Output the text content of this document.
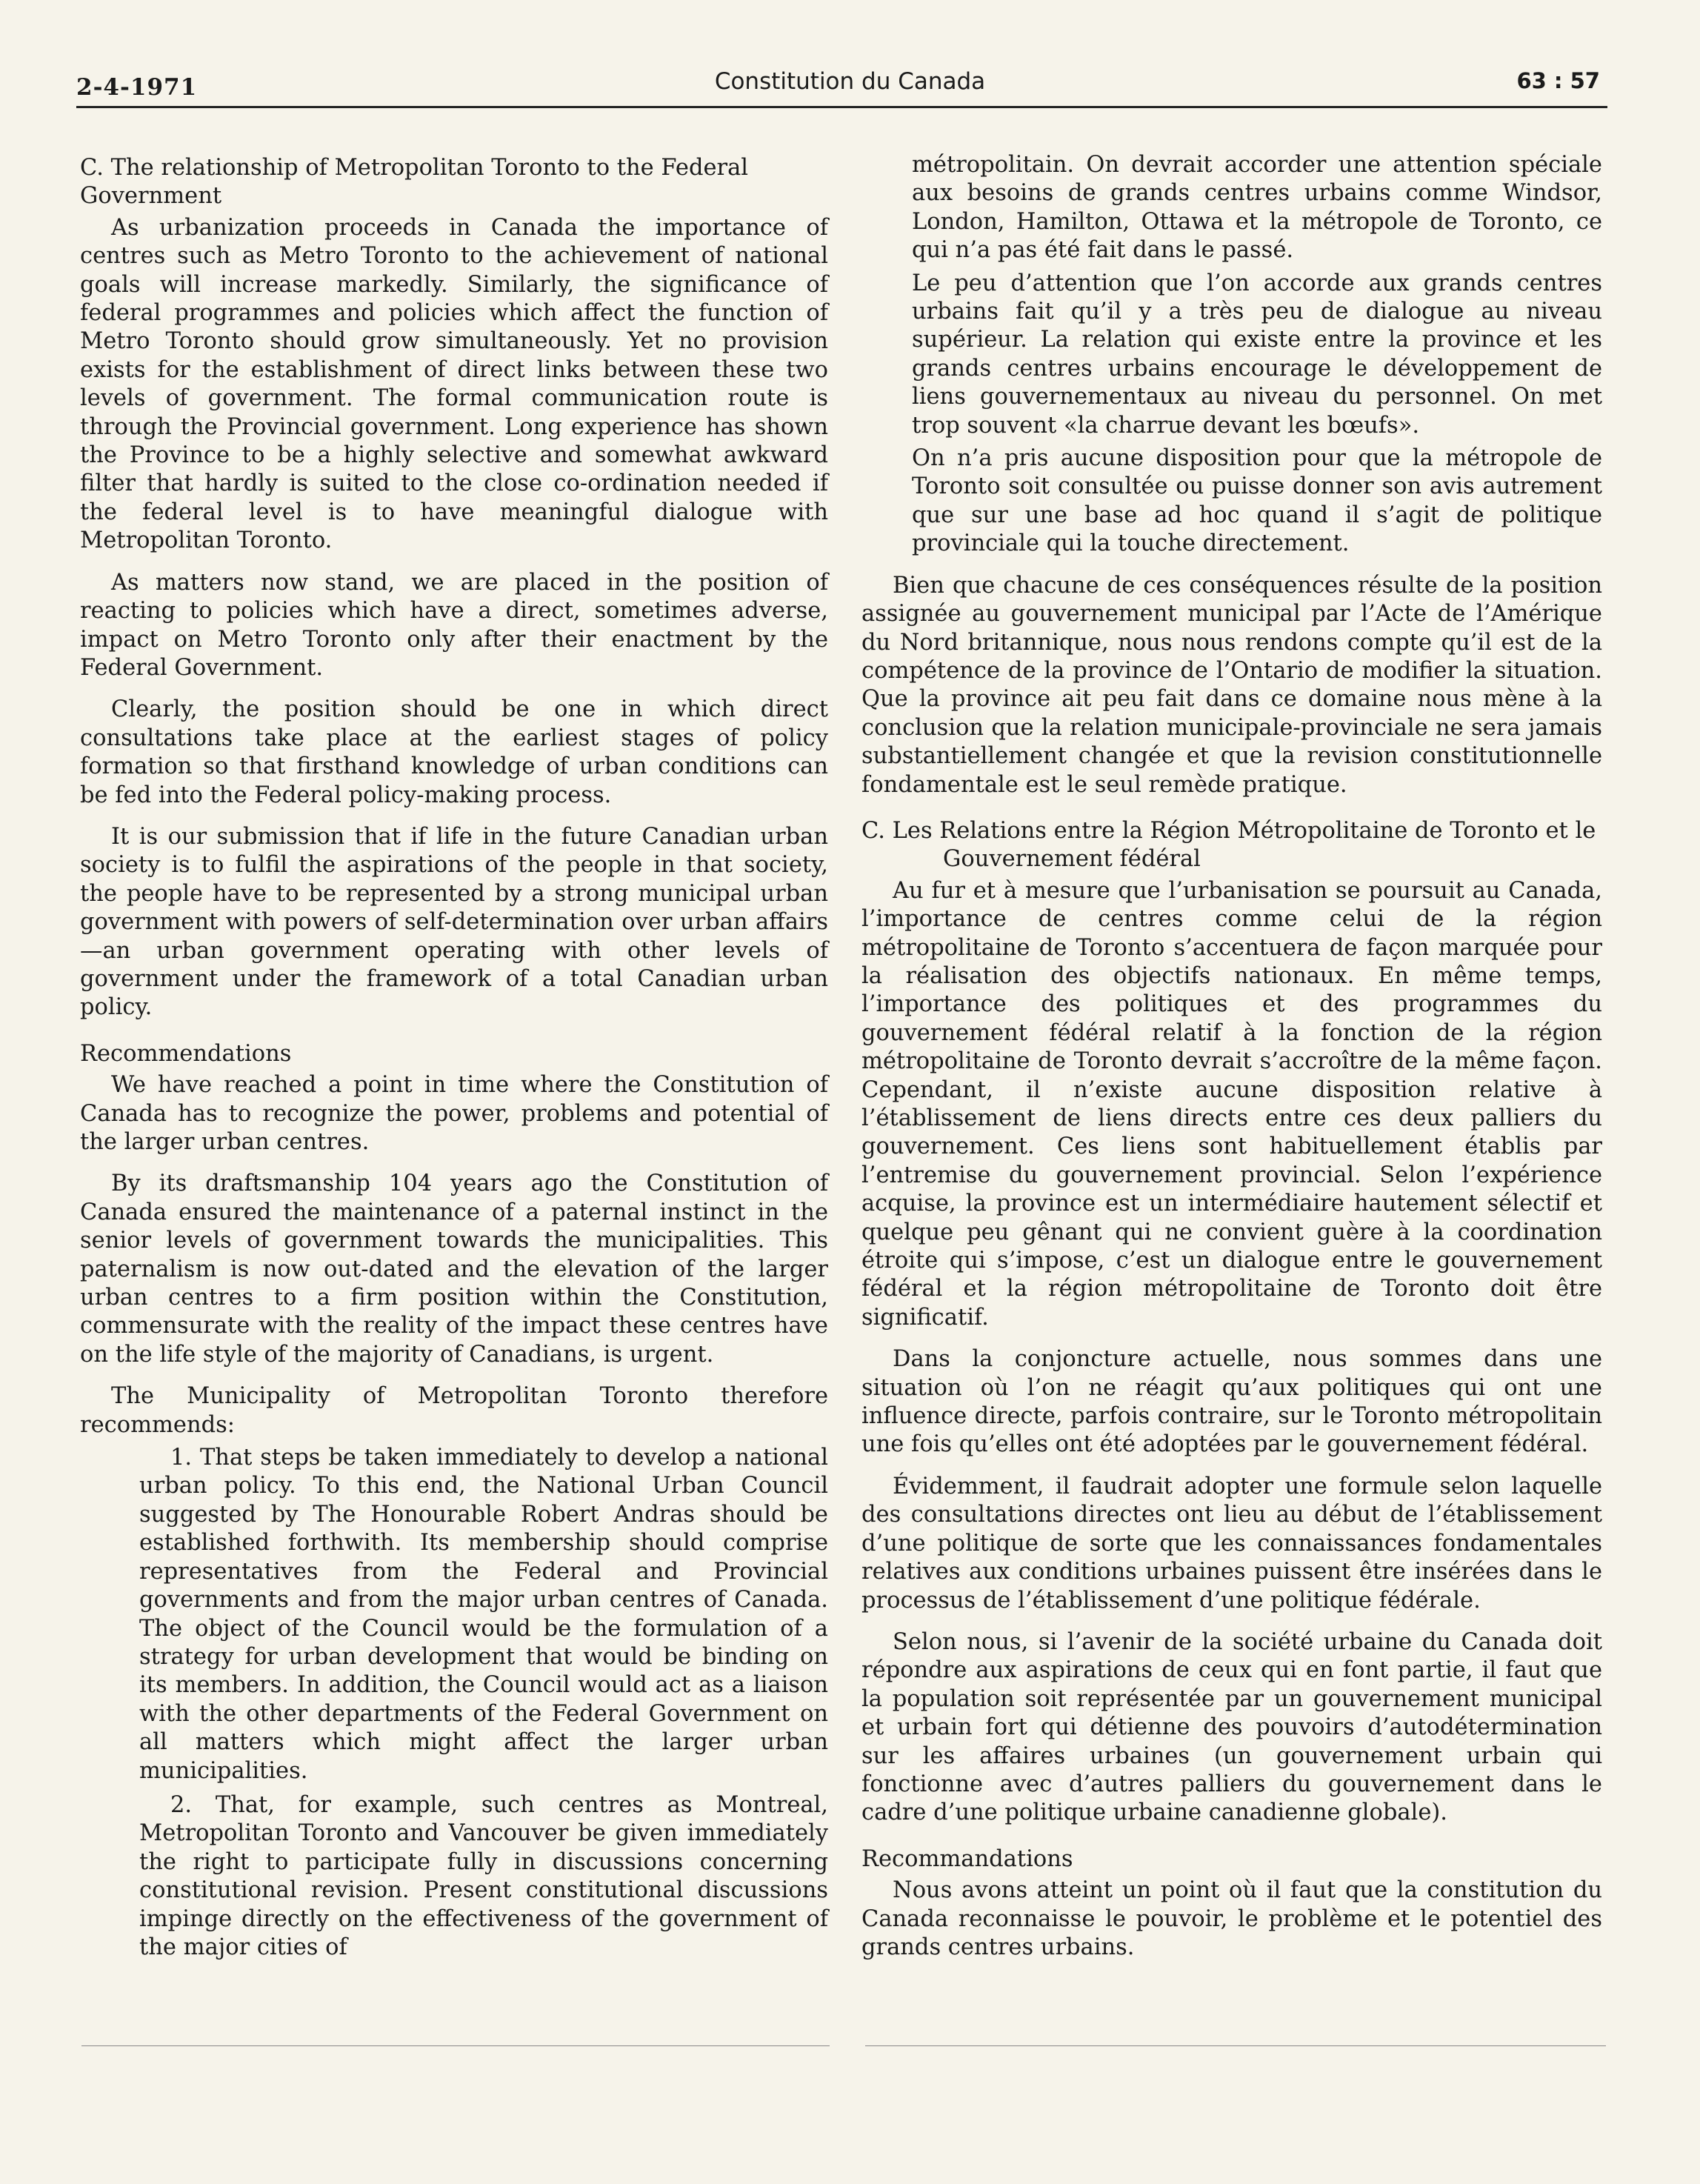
2-4-1971	Constitution du Canada	63 : 57

C. The relationship of Metropolitan Toronto to the Federal Government

As urbanization proceeds in Canada the importance of centres such as Metro Toronto to the achievement of national goals will increase markedly. Similarly, the significance of federal programmes and policies which affect the function of Metro Toronto should grow simultaneously. Yet no provision exists for the establishment of direct links between these two levels of government. The formal communication route is through the Provincial government. Long experience has shown the Province to be a highly selective and somewhat awkward filter that hardly is suited to the close co-ordination needed if the federal level is to have meaningful dialogue with Metropolitan Toronto.

As matters now stand, we are placed in the position of reacting to policies which have a direct, sometimes adverse, impact on Metro Toronto only after their enactment by the Federal Government.

Clearly, the position should be one in which direct consultations take place at the earliest stages of policy formation so that firsthand knowledge of urban conditions can be fed into the Federal policy-making process.

It is our submission that if life in the future Canadian urban society is to fulfil the aspirations of the people in that society, the people have to be represented by a strong municipal urban government with powers of self-determination over urban affairs—an urban government operating with other levels of government under the framework of a total Canadian urban policy.

Recommendations

We have reached a point in time where the Constitution of Canada has to recognize the power, problems and potential of the larger urban centres.

By its draftsmanship 104 years ago the Constitution of Canada ensured the maintenance of a paternal instinct in the senior levels of government towards the municipalities. This paternalism is now out-dated and the elevation of the larger urban centres to a firm position within the Constitution, commensurate with the reality of the impact these centres have on the life style of the majority of Canadians, is urgent.

The Municipality of Metropolitan Toronto therefore recommends:

1. That steps be taken immediately to develop a national urban policy. To this end, the National Urban Council suggested by The Honourable Robert Andras should be established forthwith. Its membership should comprise representatives from the Federal and Provincial governments and from the major urban centres of Canada. The object of the Council would be the formulation of a strategy for urban development that would be binding on its members. In addition, the Council would act as a liaison with the other departments of the Federal Government on all matters which might affect the larger urban municipalities.

2. That, for example, such centres as Montreal, Metropolitan Toronto and Vancouver be given immediately the right to participate fully in discussions concerning constitutional revision. Present constitutional discussions impinge directly on the effectiveness of the government of the major cities of

métropolitain. On devrait accorder une attention spéciale aux besoins de grands centres urbains comme Windsor, London, Hamilton, Ottawa et la métropole de Toronto, ce qui n’a pas été fait dans le passé.

Le peu d’attention que l’on accorde aux grands centres urbains fait qu’il y a très peu de dialogue au niveau supérieur. La relation qui existe entre la province et les grands centres urbains encourage le développement de liens gouvernementaux au niveau du personnel. On met trop souvent «la charrue devant les bœufs».

On n’a pris aucune disposition pour que la métropole de Toronto soit consultée ou puisse donner son avis autrement que sur une base ad hoc quand il s’agit de politique provinciale qui la touche directement.

Bien que chacune de ces conséquences résulte de la position assignée au gouvernement municipal par l’Acte de l’Amérique du Nord britannique, nous nous rendons compte qu’il est de la compétence de la province de l’Ontario de modifier la situation. Que la province ait peu fait dans ce domaine nous mène à la conclusion que la relation municipale-provinciale ne sera jamais substantiellement changée et que la revision constitutionnelle fondamentale est le seul remède pratique.

C. Les Relations entre la Région Métropolitaine de Toronto et le Gouvernement fédéral

Au fur et à mesure que l’urbanisation se poursuit au Canada, l’importance de centres comme celui de la région métropolitaine de Toronto s’accentuera de façon marquée pour la réalisation des objectifs nationaux. En même temps, l’importance des politiques et des programmes du gouvernement fédéral relatif à la fonction de la région métropolitaine de Toronto devrait s’accroître de la même façon. Cependant, il n’existe aucune disposition relative à l’établissement de liens directs entre ces deux palliers du gouvernement. Ces liens sont habituellement établis par l’entremise du gouvernement provincial. Selon l’expérience acquise, la province est un intermédiaire hautement sélectif et quelque peu gênant qui ne convient guère à la coordination étroite qui s’impose, c’est un dialogue entre le gouvernement fédéral et la région métropolitaine de Toronto doit être significatif.

Dans la conjoncture actuelle, nous sommes dans une situation où l’on ne réagit qu’aux politiques qui ont une influence directe, parfois contraire, sur le Toronto métropolitain une fois qu’elles ont été adoptées par le gouvernement fédéral.

Évidemment, il faudrait adopter une formule selon laquelle des consultations directes ont lieu au début de l’établissement d’une politique de sorte que les connaissances fondamentales relatives aux conditions urbaines puissent être insérées dans le processus de l’établissement d’une politique fédérale.

Selon nous, si l’avenir de la société urbaine du Canada doit répondre aux aspirations de ceux qui en font partie, il faut que la population soit représentée par un gouvernement municipal et urbain fort qui détienne des pouvoirs d’autodétermination sur les affaires urbaines (un gouvernement urbain qui fonctionne avec d’autres palliers du gouvernement dans le cadre d’une politique urbaine canadienne globale).

Recommandations

Nous avons atteint un point où il faut que la constitution du Canada reconnaisse le pouvoir, le problème et le potentiel des grands centres urbains.
